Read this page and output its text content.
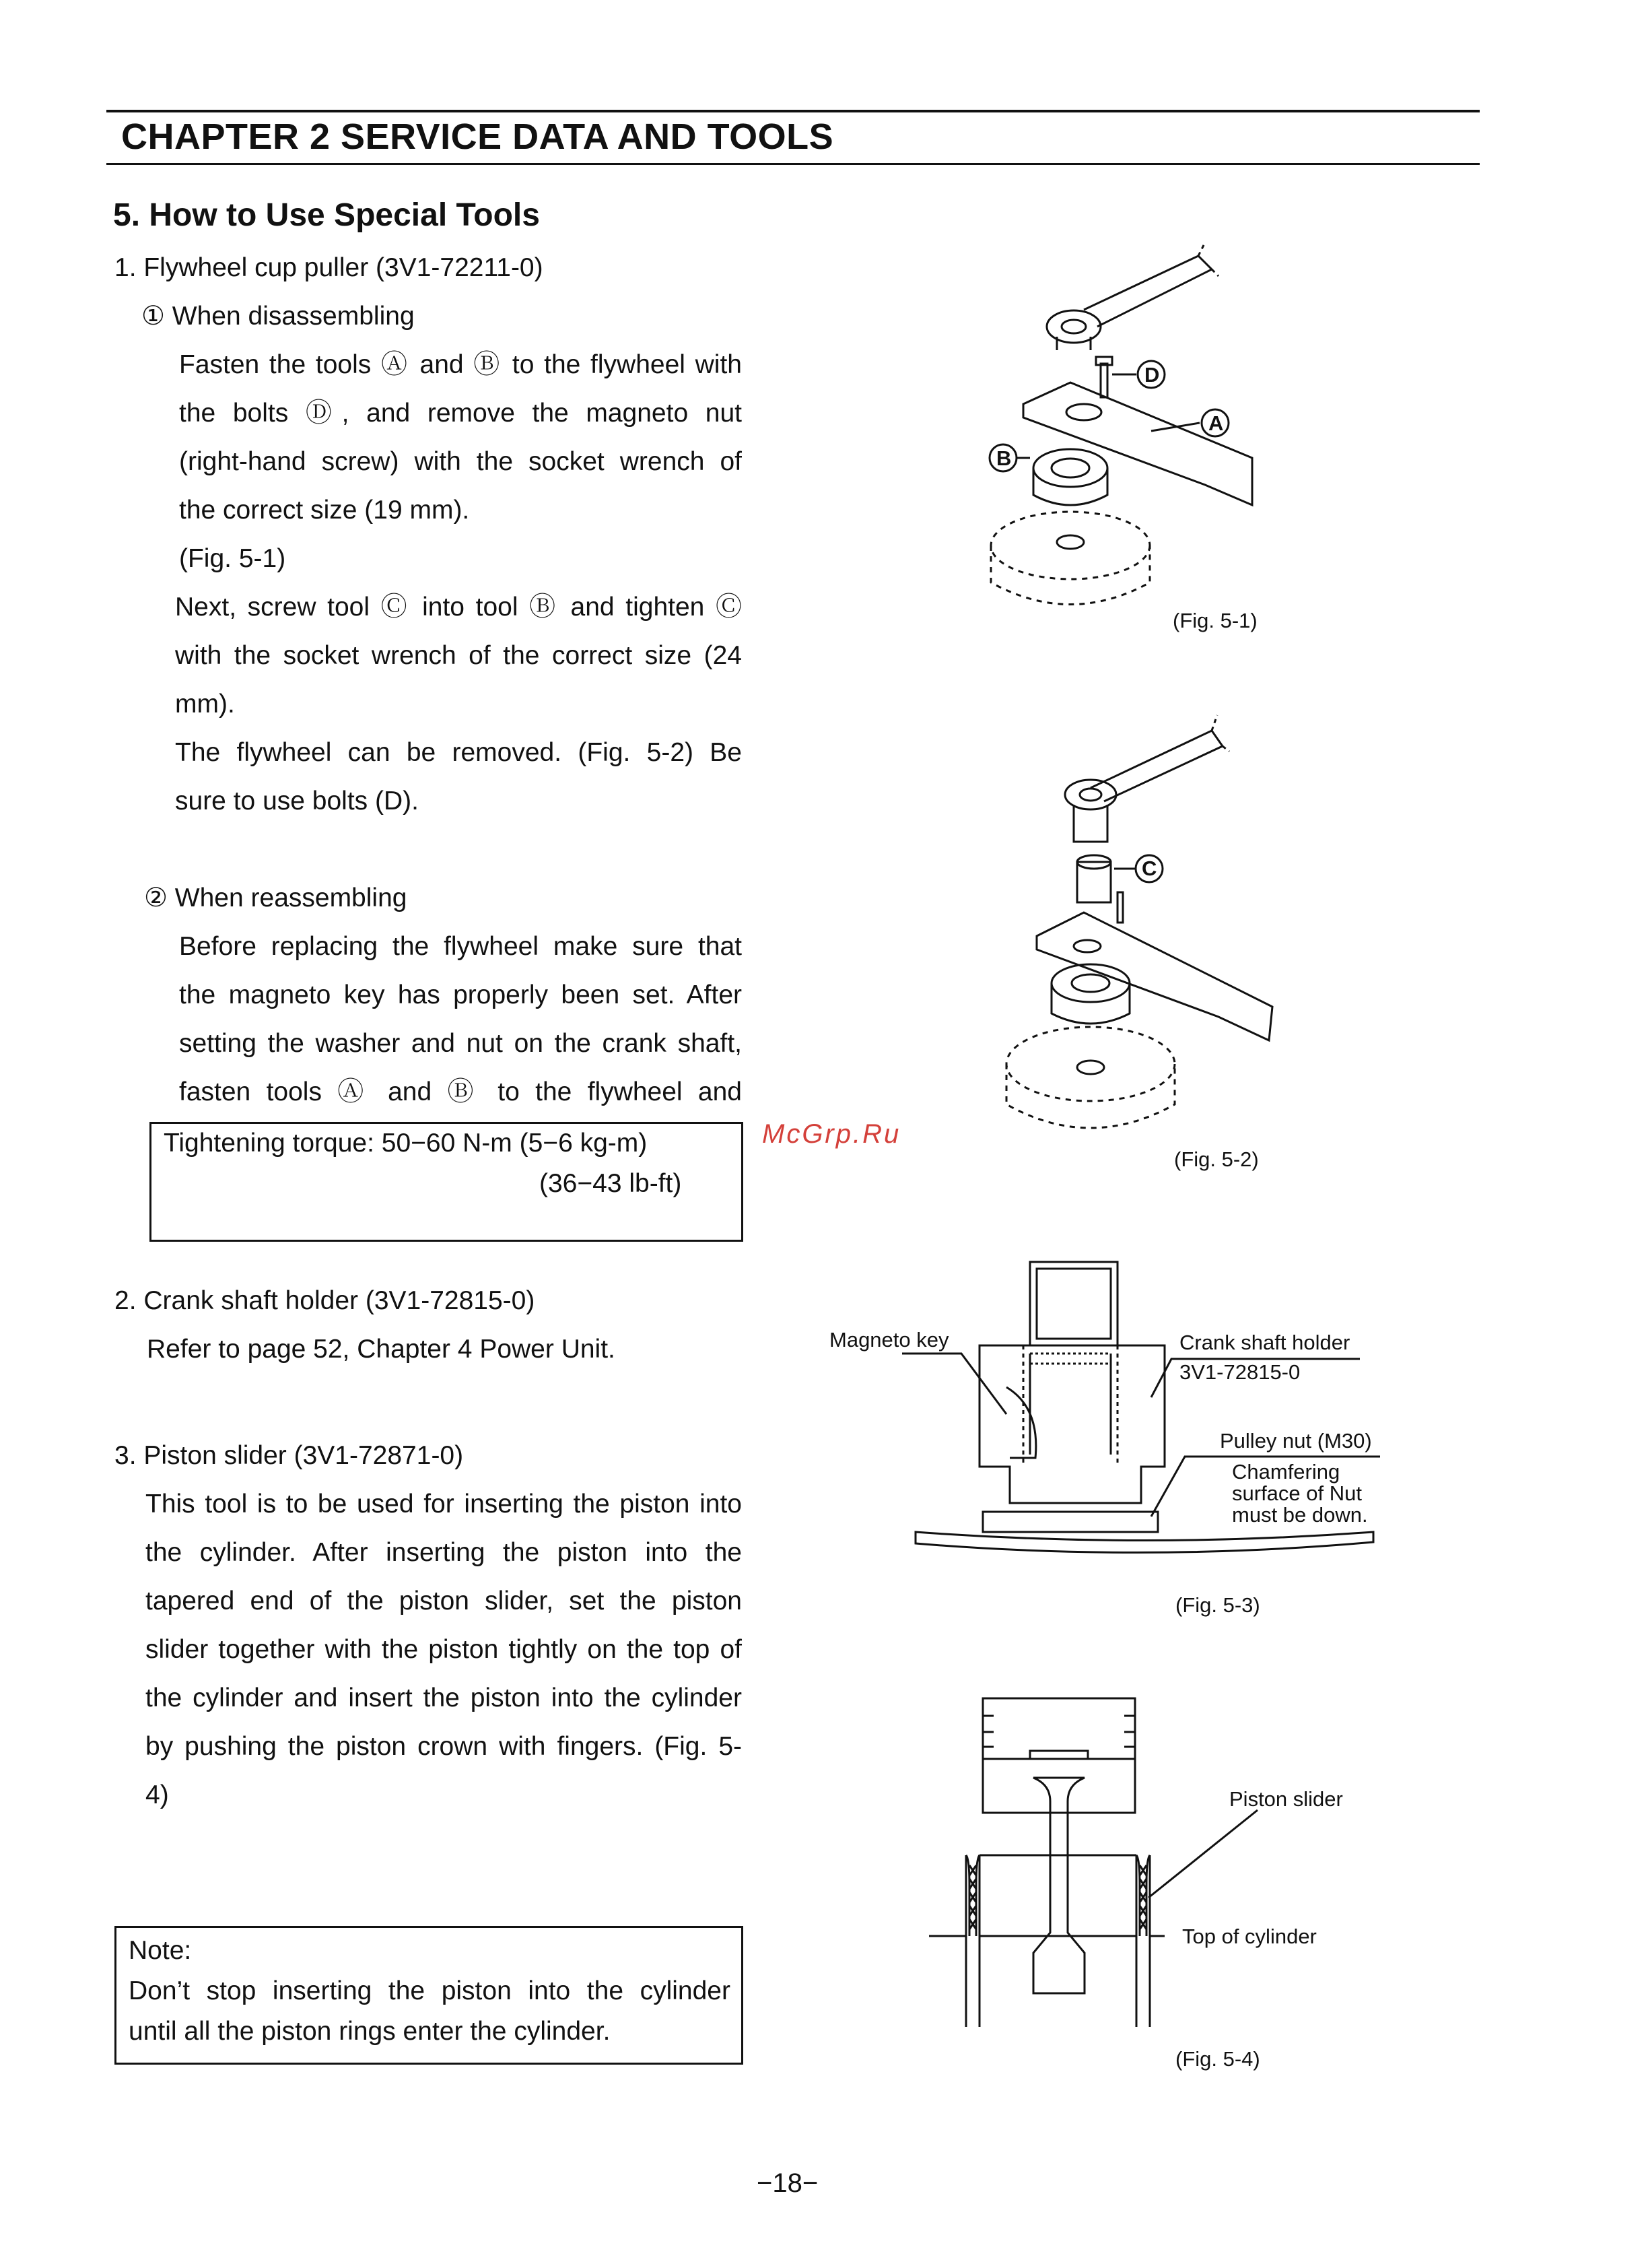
CHAPTER 2 SERVICE DATA AND TOOLS
5. How to Use Special Tools
1. Flywheel cup puller (3V1-72211-0)
① When disassembling
Fasten the tools Ⓐ and Ⓑ to the flywheel with
the bolts Ⓓ, and remove the magneto nut
(right-hand screw) with the socket wrench of
the correct size (19 mm).
(Fig. 5-1)
Next, screw tool Ⓒ into tool Ⓑ and tighten Ⓒ
with the socket wrench of the correct size (24
mm).
The flywheel can be removed. (Fig. 5-2) Be
sure to use bolts (D).
② When reassembling
Before replacing the flywheel make sure that
the magneto key has properly been set. After
setting the washer and nut on the crank shaft,
fasten tools Ⓐ and Ⓑ to the flywheel and
Tightening torque: 50−60 N-m (5−6 kg-m)
(36−43 lb-ft)
McGrp.Ru
2. Crank shaft holder (3V1-72815-0)
Refer to page 52, Chapter 4 Power Unit.
3. Piston slider (3V1-72871-0)
This tool is to be used for inserting the piston into
the cylinder. After inserting the piston into the
tapered end of the piston slider, set the piston
slider together with the piston tightly on the top of
the cylinder and insert the piston into the cylinder
by pushing the piston crown with fingers. (Fig. 5-
4)
Note:
Don’t stop inserting the piston into the cylinder
until all the piston rings enter the cylinder.
D
A
B
(Fig. 5-1)
C
(Fig. 5-2)
Magneto key	Crank shaft holder
3V1-72815-0
Pulley nut (M30)
Chamfering
surface of Nut
must be down.
(Fig. 5-3)
Piston slider
Top of cylinder
(Fig. 5-4)
−18−
